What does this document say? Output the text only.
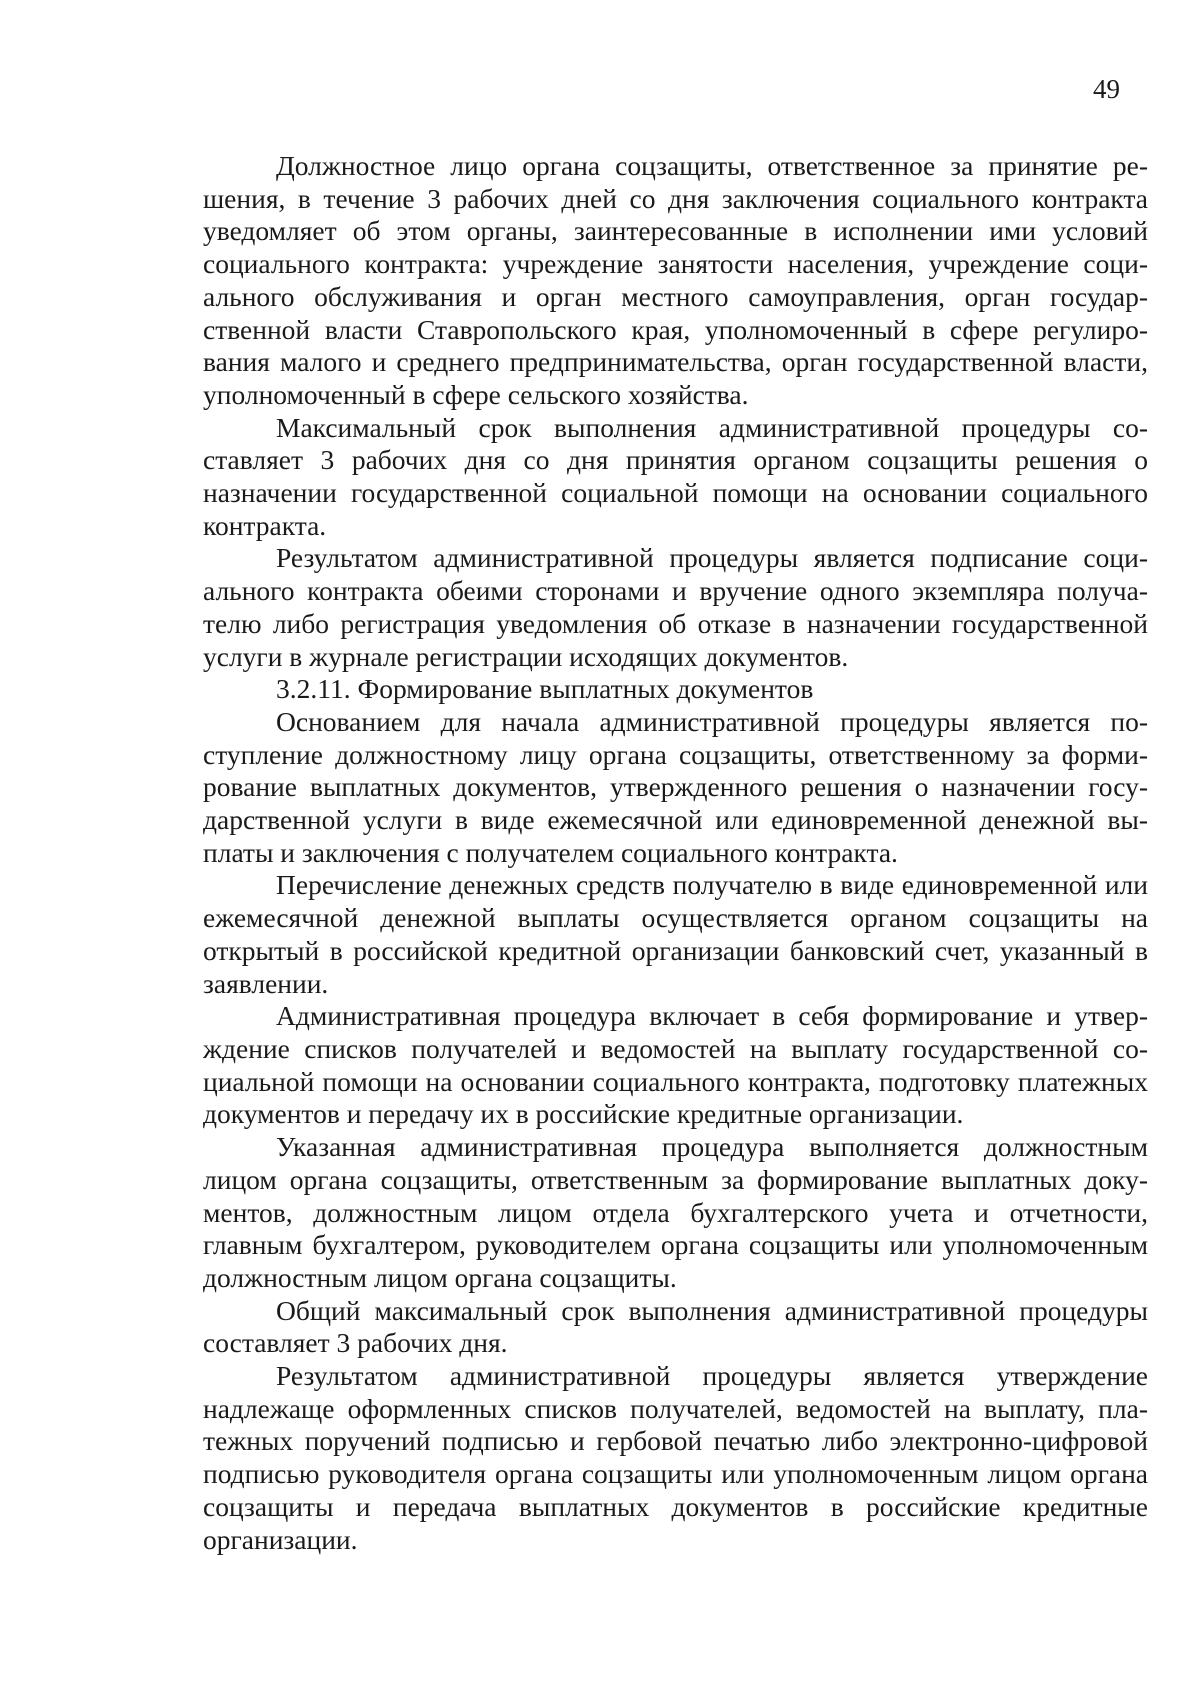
49

Должностное лицо органа соцзащиты, ответственное за принятие решения, в течение 3 рабочих дней со дня заключения социального контракта уведомляет об этом органы, заинтересованные в исполнении ими условий социального контракта: учреждение занятости населения, учреждение социального обслуживания и орган местного самоуправления, орган государственной власти Ставропольского края, уполномоченный в сфере регулирования малого и среднего предпринимательства, орган государственной власти, уполномоченный в сфере сельского хозяйства.

Максимальный срок выполнения административной процедуры составляет 3 рабочих дня со дня принятия органом соцзащиты решения о назначении государственной социальной помощи на основании социального контракта.

Результатом административной процедуры является подписание социального контракта обеими сторонами и вручение одного экземпляра получателю либо регистрация уведомления об отказе в назначении государственной услуги в журнале регистрации исходящих документов.

3.2.11. Формирование выплатных документов

Основанием для начала административной процедуры является поступление должностному лицу органа соцзащиты, ответственному за формирование выплатных документов, утвержденного решения о назначении государственной услуги в виде ежемесячной или единовременной денежной выплаты и заключения с получателем социального контракта.

Перечисление денежных средств получателю в виде единовременной или ежемесячной денежной выплаты осуществляется органом соцзащиты на открытый в российской кредитной организации банковский счет, указанный в заявлении.

Административная процедура включает в себя формирование и утверждение списков получателей и ведомостей на выплату государственной социальной помощи на основании социального контракта, подготовку платежных документов и передачу их в российские кредитные организации.

Указанная административная процедура выполняется должностным лицом органа соцзащиты, ответственным за формирование выплатных документов, должностным лицом отдела бухгалтерского учета и отчетности, главным бухгалтером, руководителем органа соцзащиты или уполномоченным должностным лицом органа соцзащиты.

Общий максимальный срок выполнения административной процедуры составляет 3 рабочих дня.

Результатом административной процедуры является утверждение надлежаще оформленных списков получателей, ведомостей на выплату, платежных поручений подписью и гербовой печатью либо электронно-цифровой подписью руководителя органа соцзащиты или уполномоченным лицом органа соцзащиты и передача выплатных документов в российские кредитные организации.
